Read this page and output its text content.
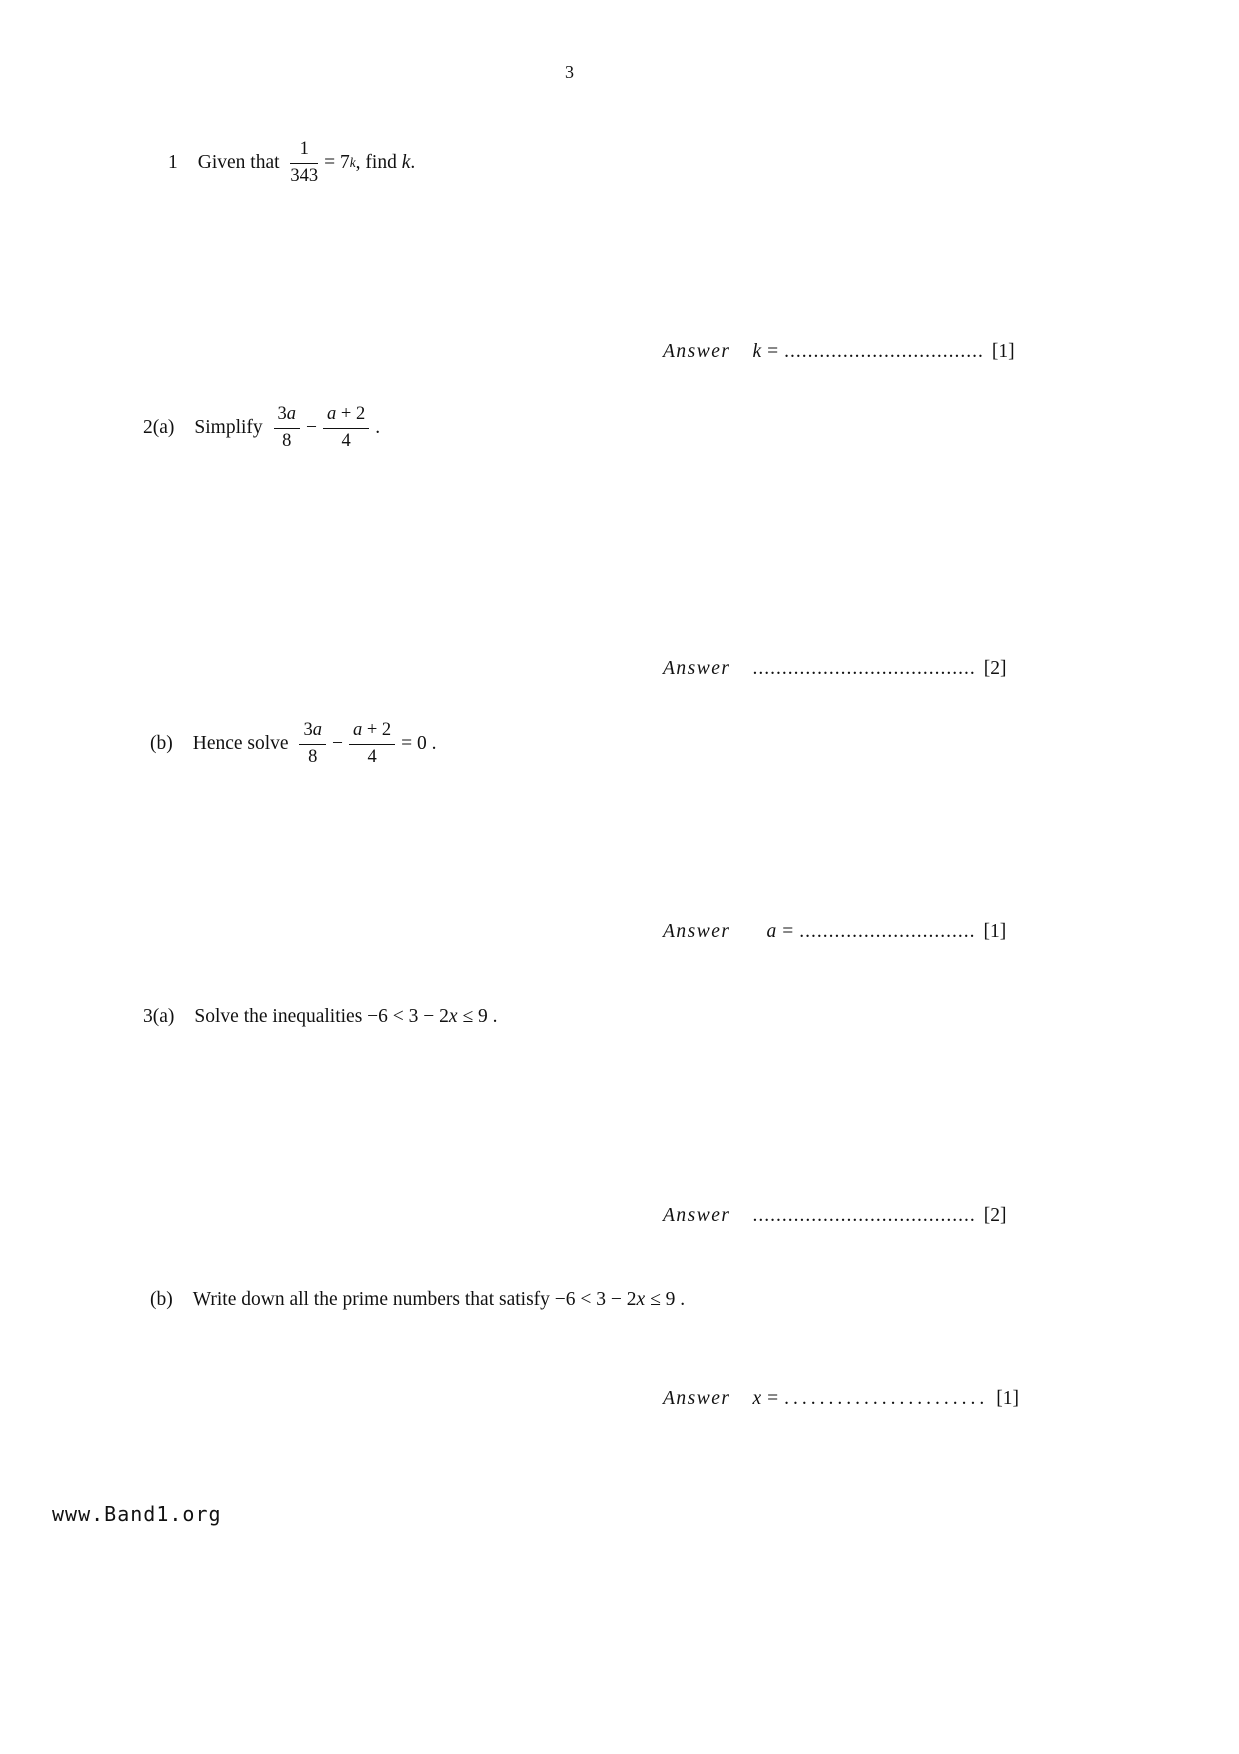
3
1 Given that $\frac{1}{343} = 7$ k , find k .
Answer k = .................................. [1]
2(a) Simplify $\frac{3a}{8} - \frac{a + 2}{4}$ .
Answer ...................................... [2]
(b) Hence solve $\frac{3a}{8} - \frac{a + 2}{4} = 0$ .
Answer a = .............................. [1]
3(a) Solve the inequalities −6 < 3 − 2 x ≤ 9 .
Answer ...................................... [2]
(b) Write down all the prime numbers that satisfy −6 < 3 − 2 x ≤ 9 .
Answer x = ....................... [1]
www.Band1.org
